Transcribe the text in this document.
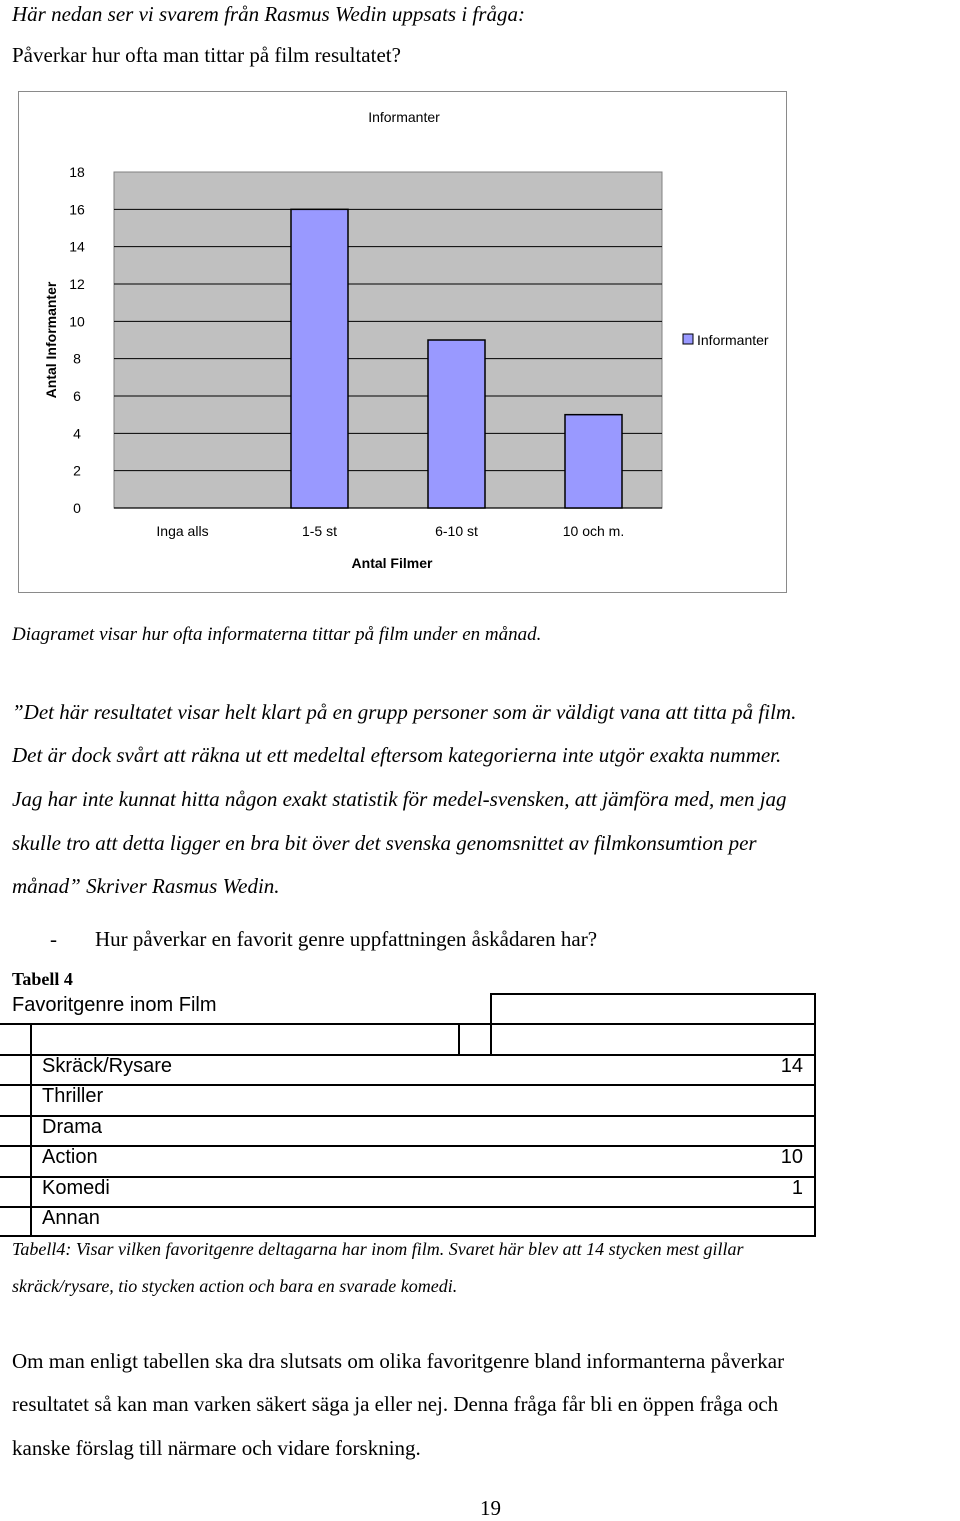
Här nedan ser vi svarem från Rasmus Wedin uppsats i fråga:
Påverkar hur ofta man tittar på film resultatet?
0
2
4
6
8
10
12
14
16
18
Inga alls	1-5 st	6-10 st	10 och m.
Informanter
Antal Filmer
Antal Informanter	Informanter
Diagramet visar hur ofta informaterna tittar på film under en månad.
”Det här resultatet visar helt klart på en grupp personer som är väldigt vana att titta på film.
Det är dock svårt att räkna ut ett medeltal eftersom kategorierna inte utgör exakta nummer.
Jag har inte kunnat hitta någon exakt statistik för medel-svensken, att jämföra med, men jag
skulle tro att detta ligger en bra bit över det svenska genomsnittet av filmkonsumtion per
månad” Skriver Rasmus Wedin.
- Hur påverkar en favorit genre uppfattningen åskådaren har?
Tabell 4
Favoritgenre inom Film
Skräck/Rysare	14
Thriller
Drama
Action	10
Komedi	1
Annan
Tabell4: Visar vilken favoritgenre deltagarna har inom film. Svaret här blev att 14 stycken mest gillar
skräck/rysare, tio stycken action och bara en svarade komedi.
Om man enligt tabellen ska dra slutsats om olika favoritgenre bland informanterna påverkar
resultatet så kan man varken säkert säga ja eller nej. Denna fråga får bli en öppen fråga och
kanske förslag till närmare och vidare forskning.
19
